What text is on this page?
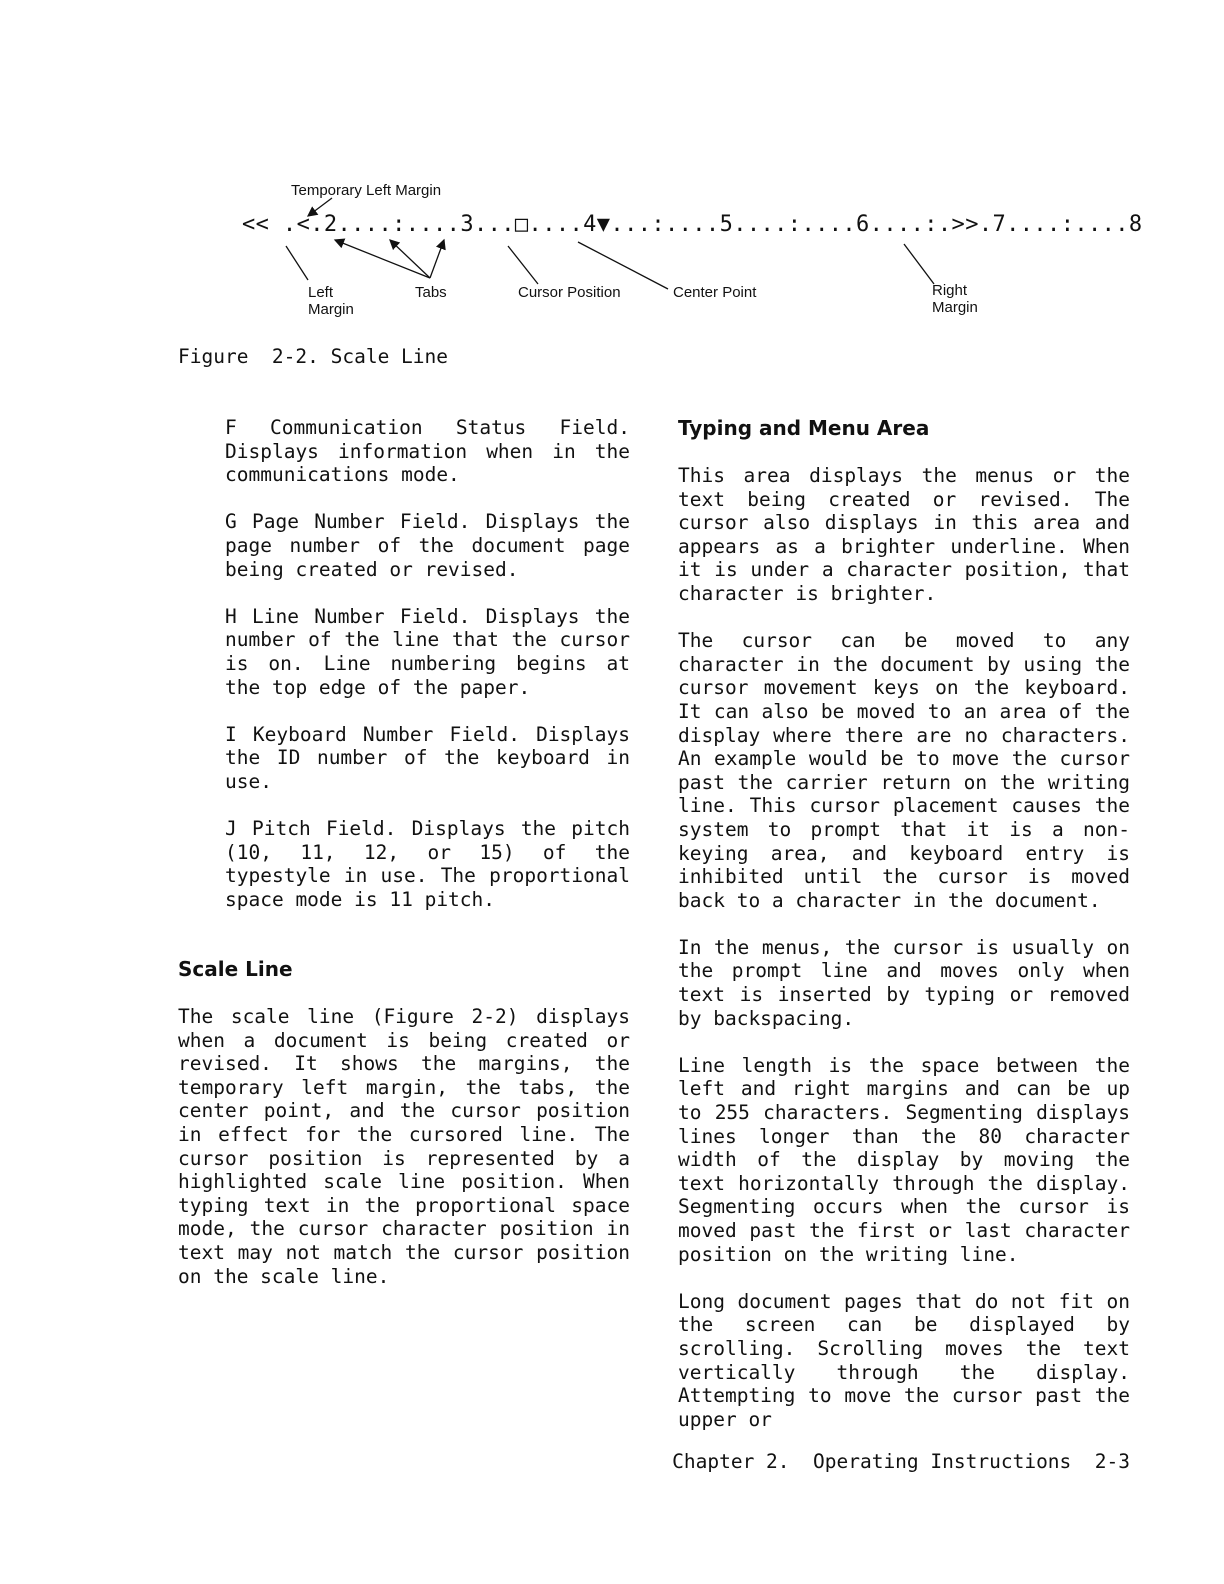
Temporary Left Margin
<< .<.2....:....3...□....4▼...:....5....:....6....:.>>.7....:....8
Left
Margin
Tabs	Cursor Position	Center Point	Right
Margin
Figure  2-2. Scale Line

F Communication Status Field. Displays information when in the communications mode.

G Page Number Field. Displays the page number of the document page being created or revised.

H Line Number Field. Displays the number of the line that the cursor is on. Line numbering begins at the top edge of the paper.

I Keyboard Number Field. Displays the ID number of the keyboard in use.

J Pitch Field. Displays the pitch (10, 11, 12, or 15) of the typestyle in use. The proportional space mode is 11 pitch.

Scale Line

The scale line (Figure 2-2) displays when a document is being created or revised. It shows the margins, the temporary left margin, the tabs, the center point, and the cursor position in effect for the cursored line. The cursor position is represented by a highlighted scale line position. When typing text in the proportional space mode, the cursor character position in text may not match the cursor position on the scale line.

Typing and Menu Area

This area displays the menus or the text being created or revised. The cursor also displays in this area and appears as a brighter underline. When it is under a character position, that character is brighter.

The cursor can be moved to any character in the document by using the cursor movement keys on the keyboard. It can also be moved to an area of the display where there are no characters. An example would be to move the cursor past the carrier return on the writing line. This cursor placement causes the system to prompt that it is a non-keying area, and keyboard entry is inhibited until the cursor is moved back to a character in the document.

In the menus, the cursor is usually on the prompt line and moves only when text is inserted by typing or removed by backspacing.

Line length is the space between the left and right margins and can be up to 255 characters. Segmenting displays lines longer than the 80 character width of the display by moving the text horizontally through the display. Segmenting occurs when the cursor is moved past the first or last character position on the writing line.

Long document pages that do not fit on the screen can be displayed by scrolling. Scrolling moves the text vertically through the display. Attempting to move the cursor past the upper or

Chapter 2.  Operating Instructions  2-3
